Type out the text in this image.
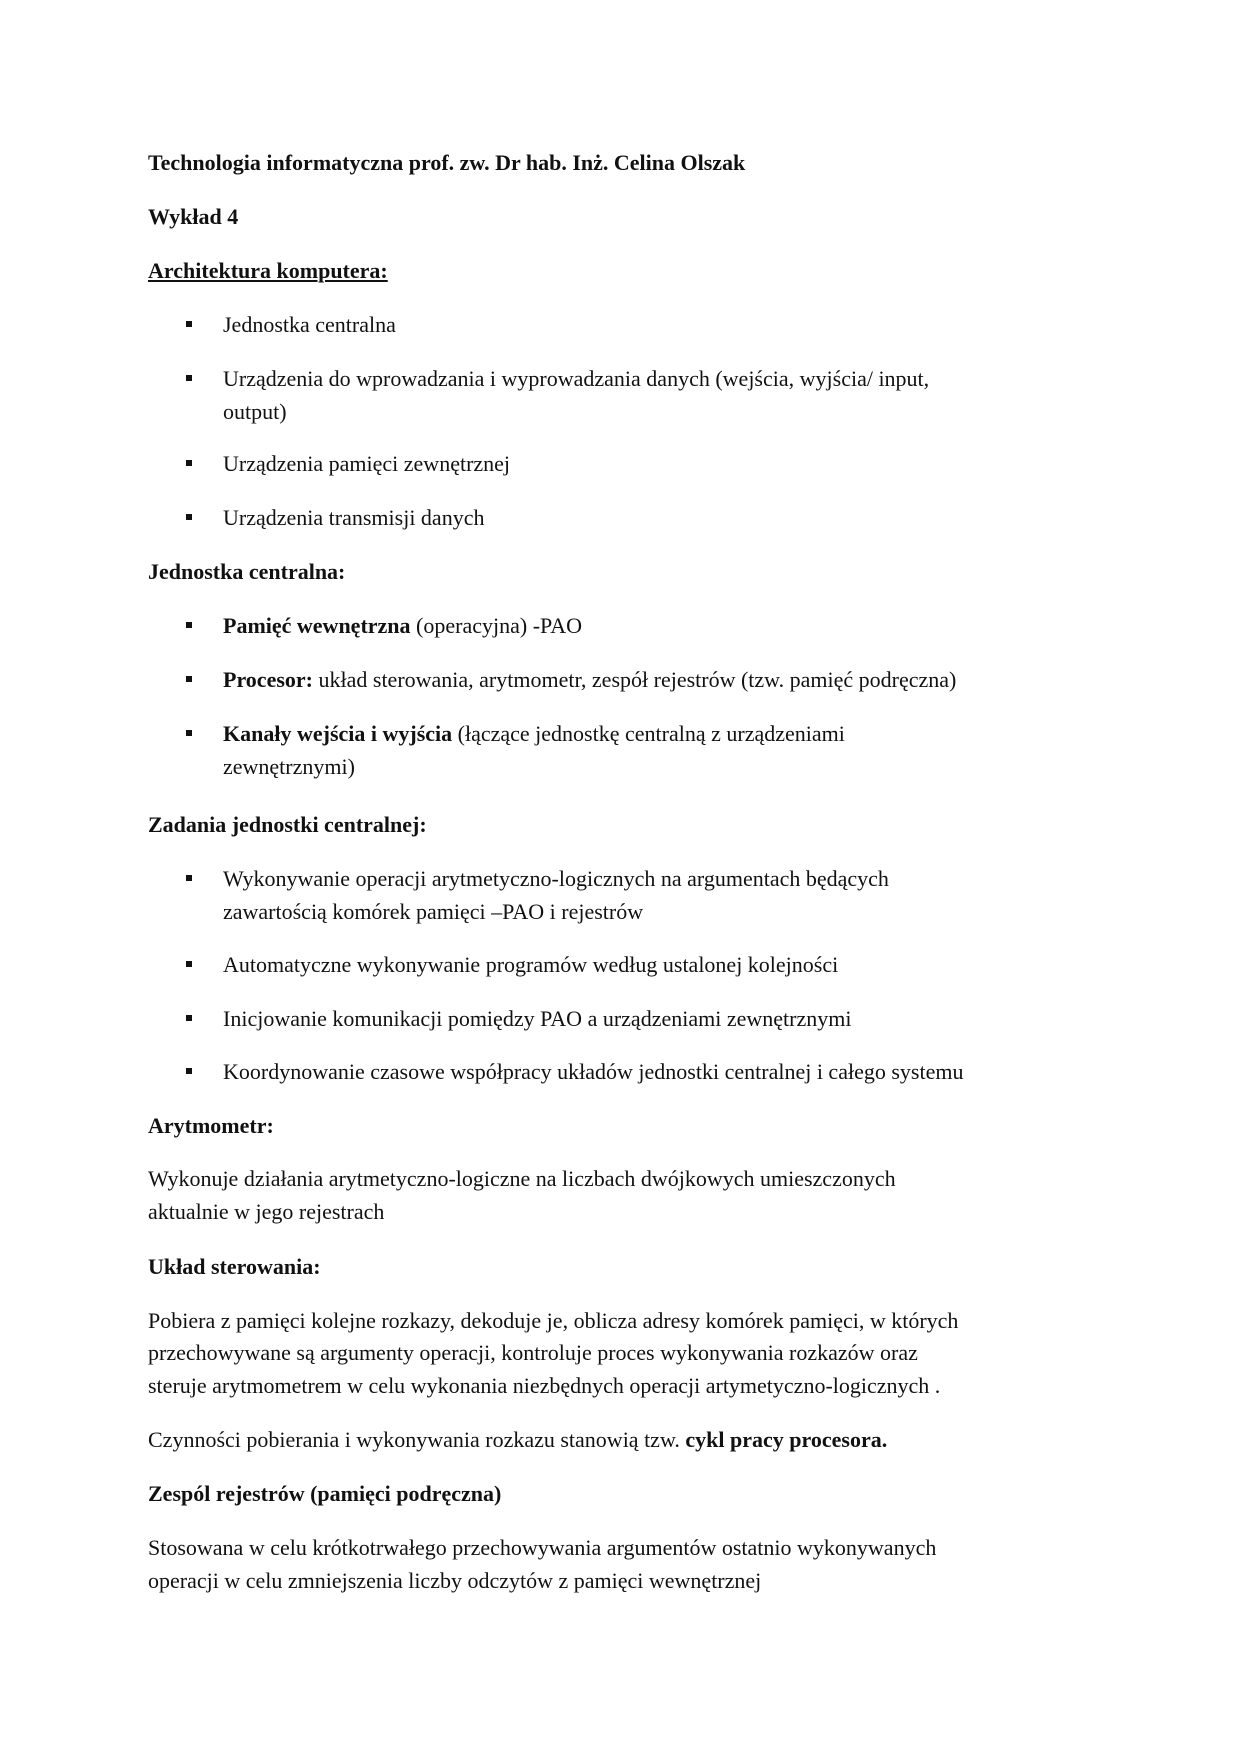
Technologia informatyczna prof. zw. Dr hab. Inż. Celina Olszak
Wykład 4
Architektura komputera:
Jednostka centralna
Urządzenia do wprowadzania i wyprowadzania danych (wejścia, wyjścia/ input,
output)
Urządzenia pamięci zewnętrznej
Urządzenia transmisji danych
Jednostka centralna:
Pamięć wewnętrzna (operacyjna) -PAO
Procesor: układ sterowania, arytmometr, zespół rejestrów (tzw. pamięć podręczna)
Kanały wejścia i wyjścia (łączące jednostkę centralną z urządzeniami
zewnętrznymi)
Zadania jednostki centralnej:
Wykonywanie operacji arytmetyczno-logicznych na argumentach będących
zawartością komórek pamięci –PAO i rejestrów
Automatyczne wykonywanie programów według ustalonej kolejności
Inicjowanie komunikacji pomiędzy PAO a urządzeniami zewnętrznymi
Koordynowanie czasowe współpracy układów jednostki centralnej i całego systemu
Arytmometr:
Wykonuje działania arytmetyczno-logiczne na liczbach dwójkowych umieszczonych
aktualnie w jego rejestrach
Układ sterowania:
Pobiera z pamięci kolejne rozkazy, dekoduje je, oblicza adresy komórek pamięci, w których
przechowywane są argumenty operacji, kontroluje proces wykonywania rozkazów oraz
steruje arytmometrem w celu wykonania niezbędnych operacji artymetyczno-logicznych .
Czynności pobierania i wykonywania rozkazu stanowią tzw. cykl pracy procesora.
Zespól rejestrów (pamięci podręczna)
Stosowana w celu krótkotrwałego przechowywania argumentów ostatnio wykonywanych
operacji w celu zmniejszenia liczby odczytów z pamięci wewnętrznej
